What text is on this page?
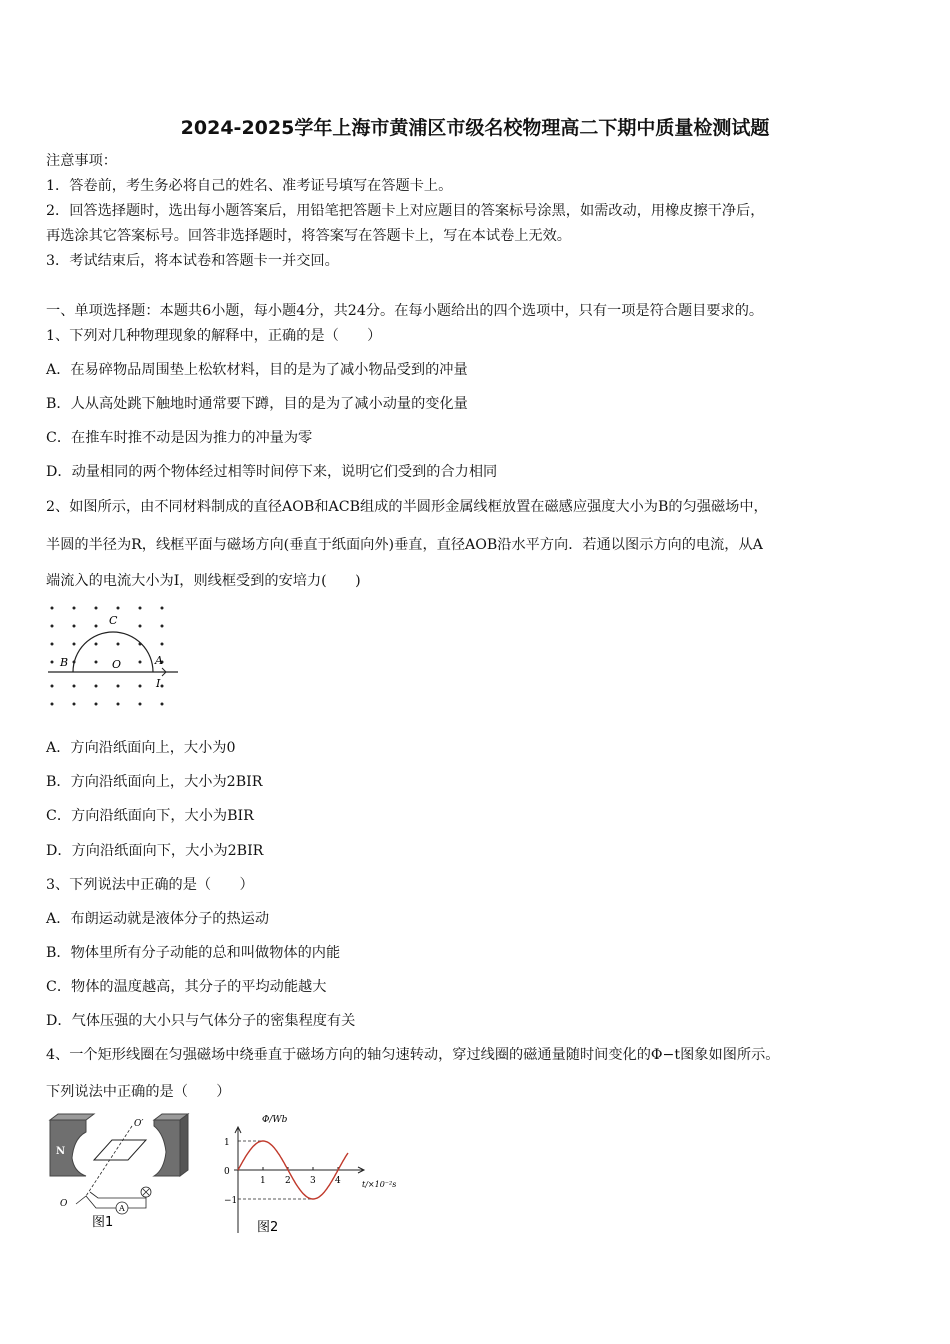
2024-2025学年上海市黄浦区市级名校物理高二下期中质量检测试题
注意事项：
1．答卷前，考生务必将自己的姓名、准考证号填写在答题卡上。
2．回答选择题时，选出每小题答案后，用铅笔把答题卡上对应题目的答案标号涂黑，如需改动，用橡皮擦干净后，
再选涂其它答案标号。回答非选择题时，将答案写在答题卡上，写在本试卷上无效。
3．考试结束后，将本试卷和答题卡一并交回。
一、单项选择题：本题共6小题，每小题4分，共24分。在每小题给出的四个选项中，只有一项是符合题目要求的。
1、下列对几种物理现象的解释中，正确的是（　　）
A．在易碎物品周围垫上松软材料，目的是为了减小物品受到的冲量
B．人从高处跳下触地时通常要下蹲，目的是为了减小动量的变化量
C．在推车时推不动是因为推力的冲量为零
D．动量相同的两个物体经过相等时间停下来，说明它们受到的合力相同
2、如图所示，由不同材料制成的直径AOB和ACB组成的半圆形金属线框放置在磁感应强度大小为B的匀强磁场中，
半圆的半径为R，线框平面与磁场方向(垂直于纸面向外)垂直，直径AOB沿水平方向．若通以图示方向的电流，从A
端流入的电流大小为I，则线框受到的安培力(　　)
C
B	O	A
I
A．方向沿纸面向上，大小为0
B．方向沿纸面向上，大小为2BIR
C．方向沿纸面向下，大小为BIR
D．方向沿纸面向下，大小为2BIR
3、下列说法中正确的是（　　）
A．布朗运动就是液体分子的热运动
B．物体里所有分子动能的总和叫做物体的内能
C．物体的温度越高，其分子的平均动能越大
D．气体压强的大小只与气体分子的密集程度有关
4、一个矩形线圈在匀强磁场中绕垂直于磁场方向的轴匀速转动，穿过线圈的磁通量随时间变化的Φ−t图象如图所示。
下列说法中正确的是（　　）
N	S
O′
O	A
图1
Φ/Wb
t/×10⁻²s
图2
1 2 3 4
1
0
−1
